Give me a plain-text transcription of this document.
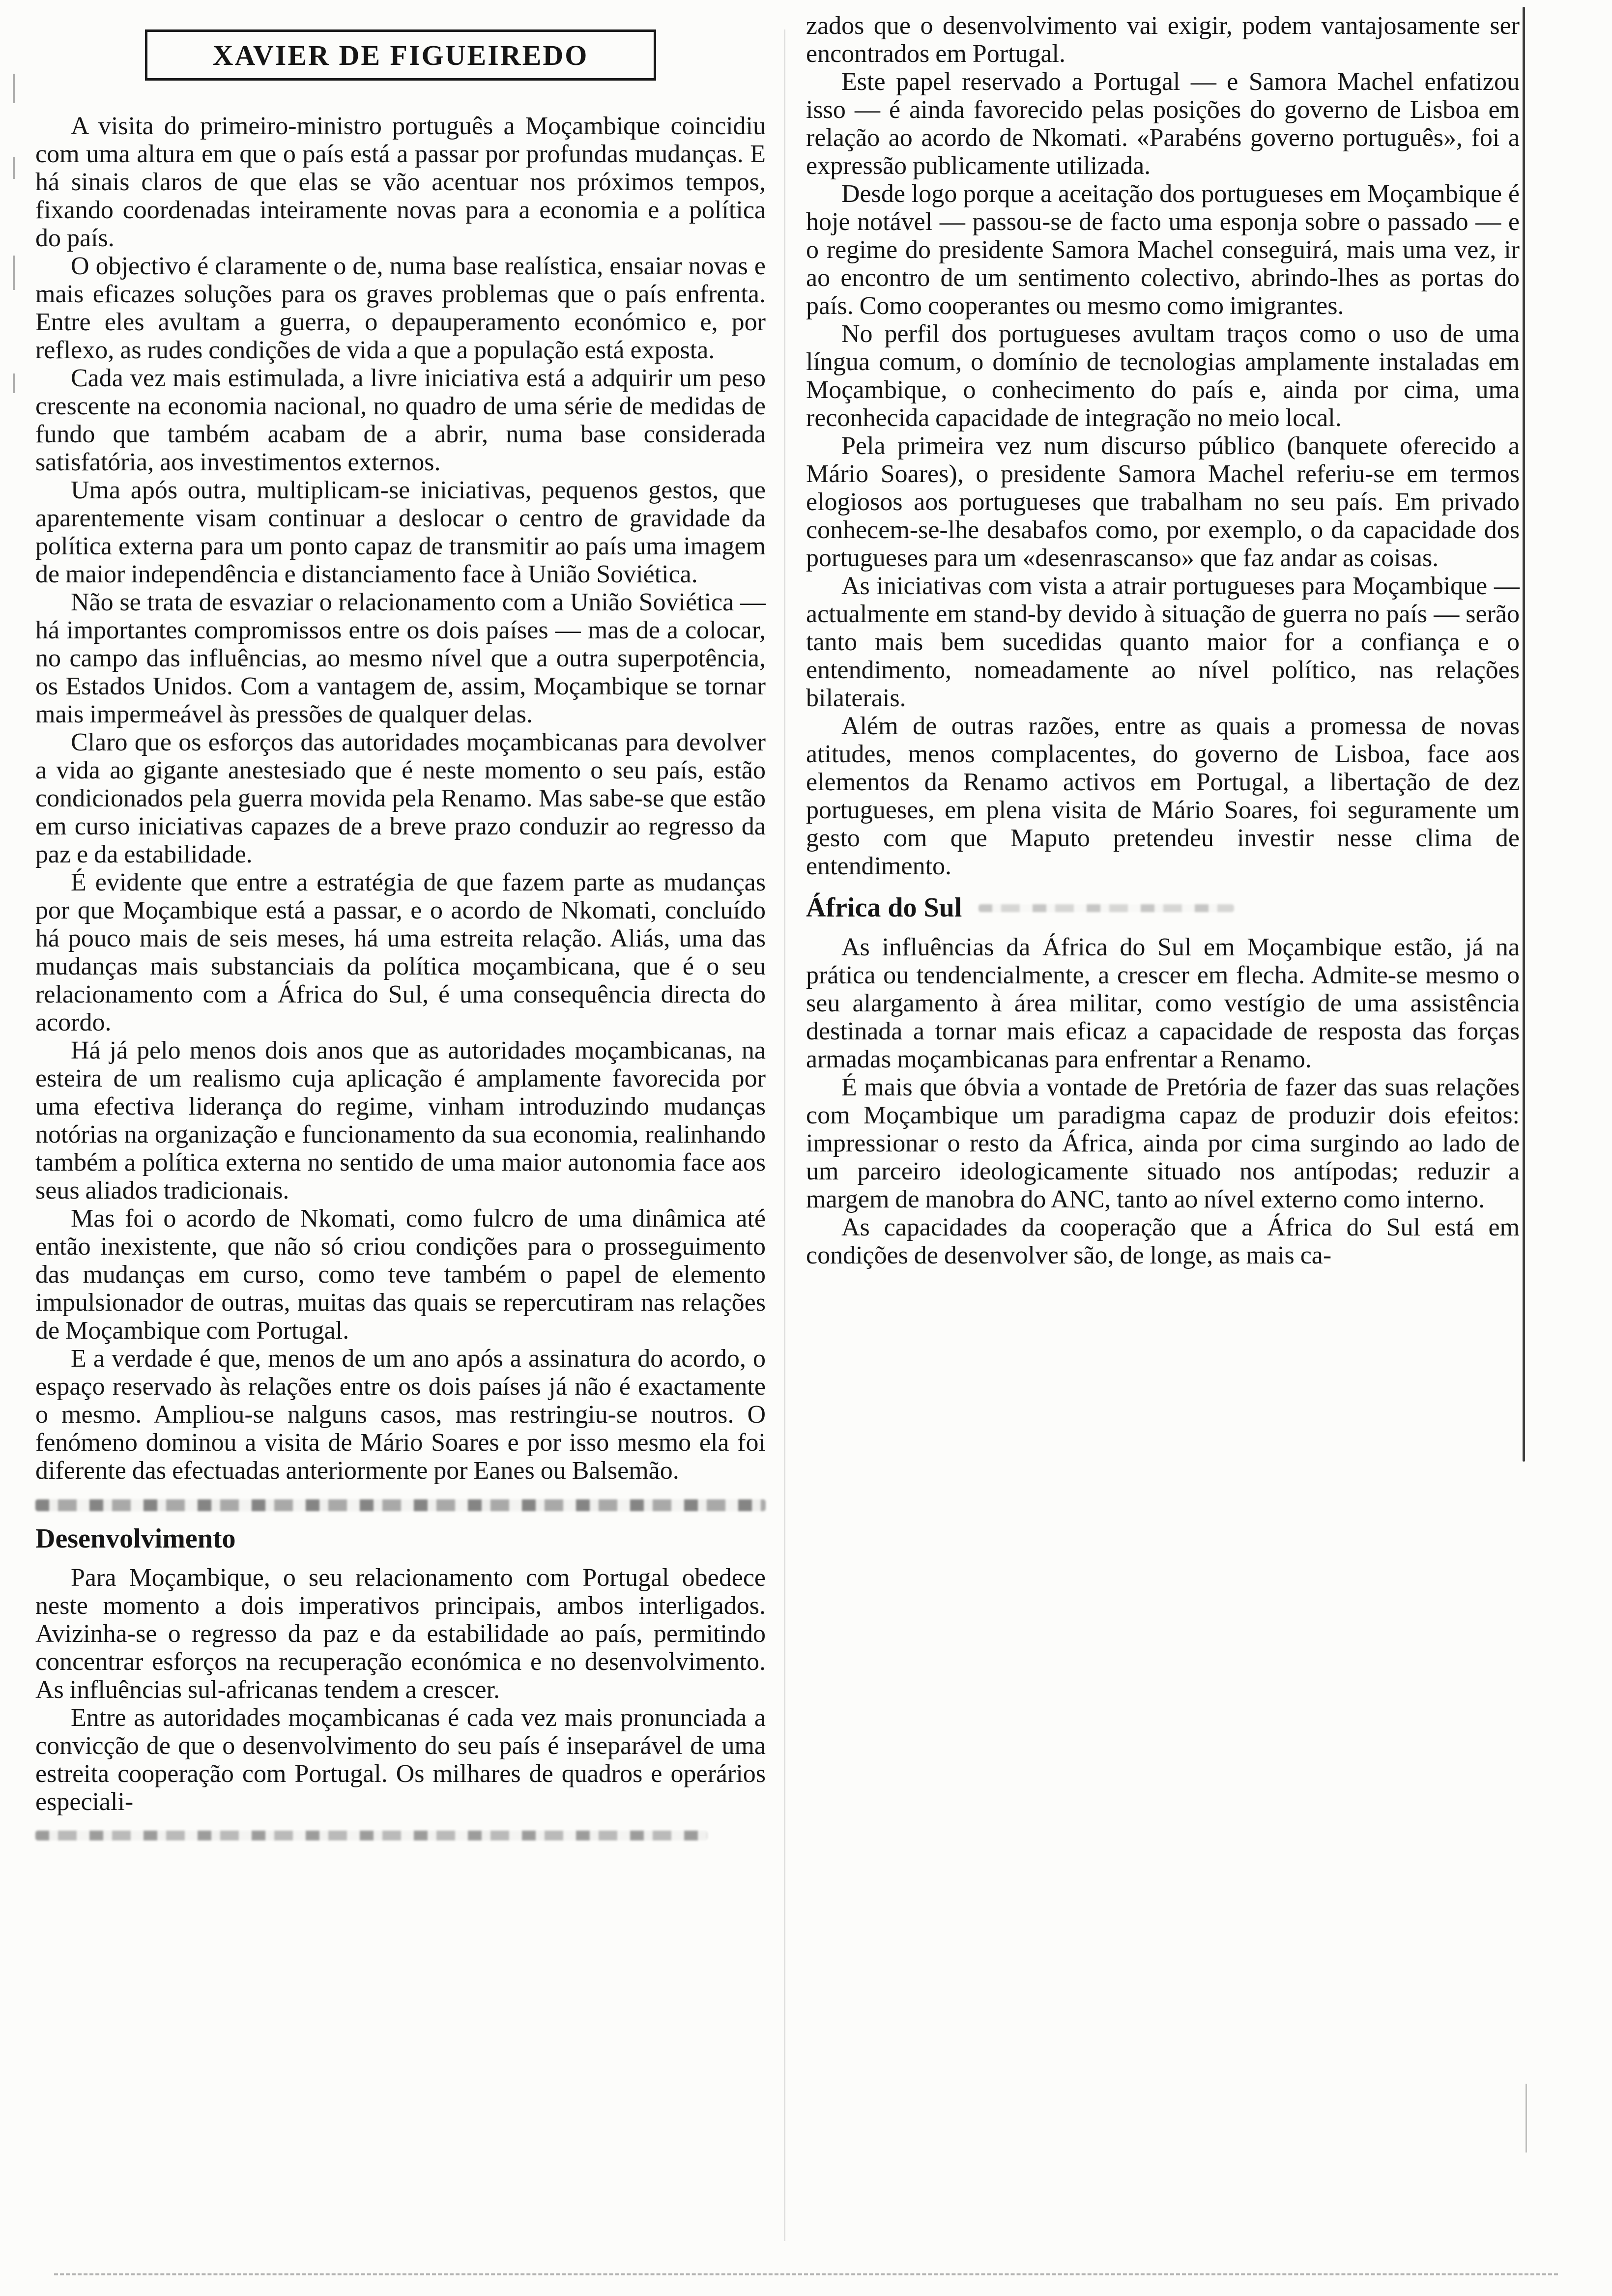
XAVIER DE FIGUEIREDO

A visita do primeiro-ministro português a Moçambique coincidiu com uma altura em que o país está a passar por profundas mudanças. E há sinais claros de que elas se vão acentuar nos próximos tempos, fixando coordenadas inteiramente novas para a economia e a política do país.

O objectivo é claramente o de, numa base realística, ensaiar novas e mais eficazes soluções para os graves problemas que o país enfrenta. Entre eles avultam a guerra, o depauperamento económico e, por reflexo, as rudes condições de vida a que a população está exposta.

Cada vez mais estimulada, a livre iniciativa está a adquirir um peso crescente na economia nacional, no quadro de uma série de medidas de fundo que também acabam de a abrir, numa base considerada satisfatória, aos investimentos externos.

Uma após outra, multiplicam-se iniciativas, pequenos gestos, que aparentemente visam continuar a deslocar o centro de gravidade da política externa para um ponto capaz de transmitir ao país uma imagem de maior independência e distanciamento face à União Soviética.

Não se trata de esvaziar o relacionamento com a União Soviética — há importantes compromissos entre os dois países — mas de a colocar, no campo das influências, ao mesmo nível que a outra superpotência, os Estados Unidos. Com a vantagem de, assim, Moçambique se tornar mais impermeável às pressões de qualquer delas.

Claro que os esforços das autoridades moçambicanas para devolver a vida ao gigante anestesiado que é neste momento o seu país, estão condicionados pela guerra movida pela Renamo. Mas sabe-se que estão em curso iniciativas capazes de a breve prazo conduzir ao regresso da paz e da estabilidade.

É evidente que entre a estratégia de que fazem parte as mudanças por que Moçambique está a passar, e o acordo de Nkomati, concluído há pouco mais de seis meses, há uma estreita relação. Aliás, uma das mudanças mais substanciais da política moçambicana, que é o seu relacionamento com a África do Sul, é uma consequência directa do acordo.

Há já pelo menos dois anos que as autoridades moçambicanas, na esteira de um realismo cuja aplicação é amplamente favorecida por uma efectiva liderança do regime, vinham introduzindo mudanças notórias na organização e funcionamento da sua economia, realinhando também a política externa no sentido de uma maior autonomia face aos seus aliados tradicionais.

Mas foi o acordo de Nkomati, como fulcro de uma dinâmica até então inexistente, que não só criou condições para o prosseguimento das mudanças em curso, como teve também o papel de elemento impulsionador de outras, muitas das quais se repercutiram nas relações de Moçambique com Portugal.

E a verdade é que, menos de um ano após a assinatura do acordo, o espaço reservado às relações entre os dois países já não é exactamente o mesmo. Ampliou-se nalguns casos, mas restringiu-se noutros. O fenómeno dominou a visita de Mário Soares e por isso mesmo ela foi diferente das efectuadas anteriormente por Eanes ou Balsemão.

Desenvolvimento

Para Moçambique, o seu relacionamento com Portugal obedece neste momento a dois imperativos principais, ambos interligados. Avizinha-se o regresso da paz e da estabilidade ao país, permitindo concentrar esforços na recuperação económica e no desenvolvimento. As influências sul-africanas tendem a crescer.

Entre as autoridades moçambicanas é cada vez mais pronunciada a convicção de que o desenvolvimento do seu país é inseparável de uma estreita cooperação com Portugal. Os milhares de quadros e operários especiali-

zados que o desenvolvimento vai exigir, podem vantajosamente ser encontrados em Portugal.

Este papel reservado a Portugal — e Samora Machel enfatizou isso — é ainda favorecido pelas posições do governo de Lisboa em relação ao acordo de Nkomati. «Parabéns governo português», foi a expressão publicamente utilizada.

Desde logo porque a aceitação dos portugueses em Moçambique é hoje notável — passou-se de facto uma esponja sobre o passado — e o regime do presidente Samora Machel conseguirá, mais uma vez, ir ao encontro de um sentimento colectivo, abrindo-lhes as portas do país. Como cooperantes ou mesmo como imigrantes.

No perfil dos portugueses avultam traços como o uso de uma língua comum, o domínio de tecnologias amplamente instaladas em Moçambique, o conhecimento do país e, ainda por cima, uma reconhecida capacidade de integração no meio local.

Pela primeira vez num discurso público (banquete oferecido a Mário Soares), o presidente Samora Machel referiu-se em termos elogiosos aos portugueses que trabalham no seu país. Em privado conhecem-se-lhe desabafos como, por exemplo, o da capacidade dos portugueses para um «desenrascanso» que faz andar as coisas.

As iniciativas com vista a atrair portugueses para Moçambique — actualmente em stand-by devido à situação de guerra no país — serão tanto mais bem sucedidas quanto maior for a confiança e o entendimento, nomeadamente ao nível político, nas relações bilaterais.

Além de outras razões, entre as quais a promessa de novas atitudes, menos complacentes, do governo de Lisboa, face aos elementos da Renamo activos em Portugal, a libertação de dez portugueses, em plena visita de Mário Soares, foi seguramente um gesto com que Maputo pretendeu investir nesse clima de entendimento.

África do Sul

As influências da África do Sul em Moçambique estão, já na prática ou tendencialmente, a crescer em flecha. Admite-se mesmo o seu alargamento à área militar, como vestígio de uma assistência destinada a tornar mais eficaz a capacidade de resposta das forças armadas moçambicanas para enfrentar a Renamo.

É mais que óbvia a vontade de Pretória de fazer das suas relações com Moçambique um paradigma capaz de produzir dois efeitos: impressionar o resto da África, ainda por cima surgindo ao lado de um parceiro ideologicamente situado nos antípodas; reduzir a margem de manobra do ANC, tanto ao nível externo como interno.

As capacidades da cooperação que a África do Sul está em condições de desenvolver são, de longe, as mais ca-
